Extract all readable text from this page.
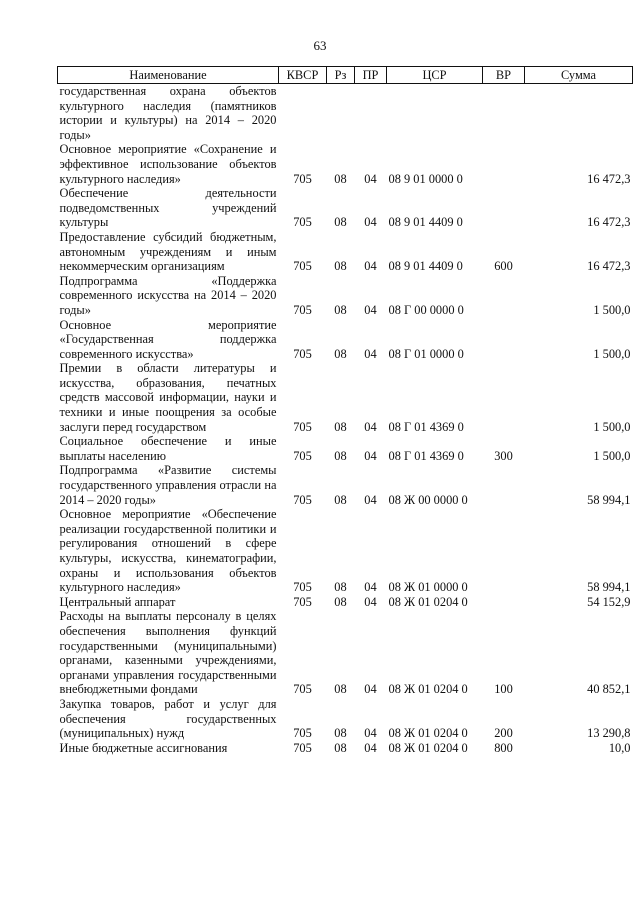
63
Наименование	КВСР	Рз	ПР	ЦСР	ВР	Сумма
государственная охрана объектов культурного наследия (памятников истории и культуры) на 2014 – 2020 годы»						
Основное мероприятие «Сохранение и эффективное использование объектов культурного наследия»	705	08	04	08 9 01 0000 0		16 472,3
Обеспечение деятельности подведомственных учреждений культуры	705	08	04	08 9 01 4409 0		16 472,3
Предоставление субсидий бюджетным, автономным учреждениям и иным некоммерческим организациям	705	08	04	08 9 01 4409 0	600	16 472,3
Подпрограмма «Поддержка современного искусства на 2014 – 2020 годы»	705	08	04	08 Г 00 0000 0		1 500,0
Основное мероприятие «Государственная поддержка современного искусства»	705	08	04	08 Г 01 0000 0		1 500,0
Премии в области литературы и искусства, образования, печатных средств массовой информации, науки и техники и иные поощрения за особые заслуги перед государством	705	08	04	08 Г 01 4369 0		1 500,0
Социальное обеспечение и иные выплаты населению	705	08	04	08 Г 01 4369 0	300	1 500,0
Подпрограмма «Развитие системы государственного управления отрасли на 2014 – 2020 годы»	705	08	04	08 Ж 00 0000 0		58 994,1
Основное мероприятие «Обеспечение реализации государственной политики и регулирования отношений в сфере культуры, искусства, кинематографии, охраны и использования объектов культурного наследия»	705	08	04	08 Ж 01 0000 0		58 994,1
Центральный аппарат	705	08	04	08 Ж 01 0204 0		54 152,9
Расходы на выплаты персоналу в целях обеспечения выполнения функций государственными (муниципальными) органами, казенными учреждениями, органами управления государственными внебюджетными фондами	705	08	04	08 Ж 01 0204 0	100	40 852,1
Закупка товаров, работ и услуг для обеспечения государственных (муниципальных) нужд	705	08	04	08 Ж 01 0204 0	200	13 290,8
Иные бюджетные ассигнования	705	08	04	08 Ж 01 0204 0	800	10,0
